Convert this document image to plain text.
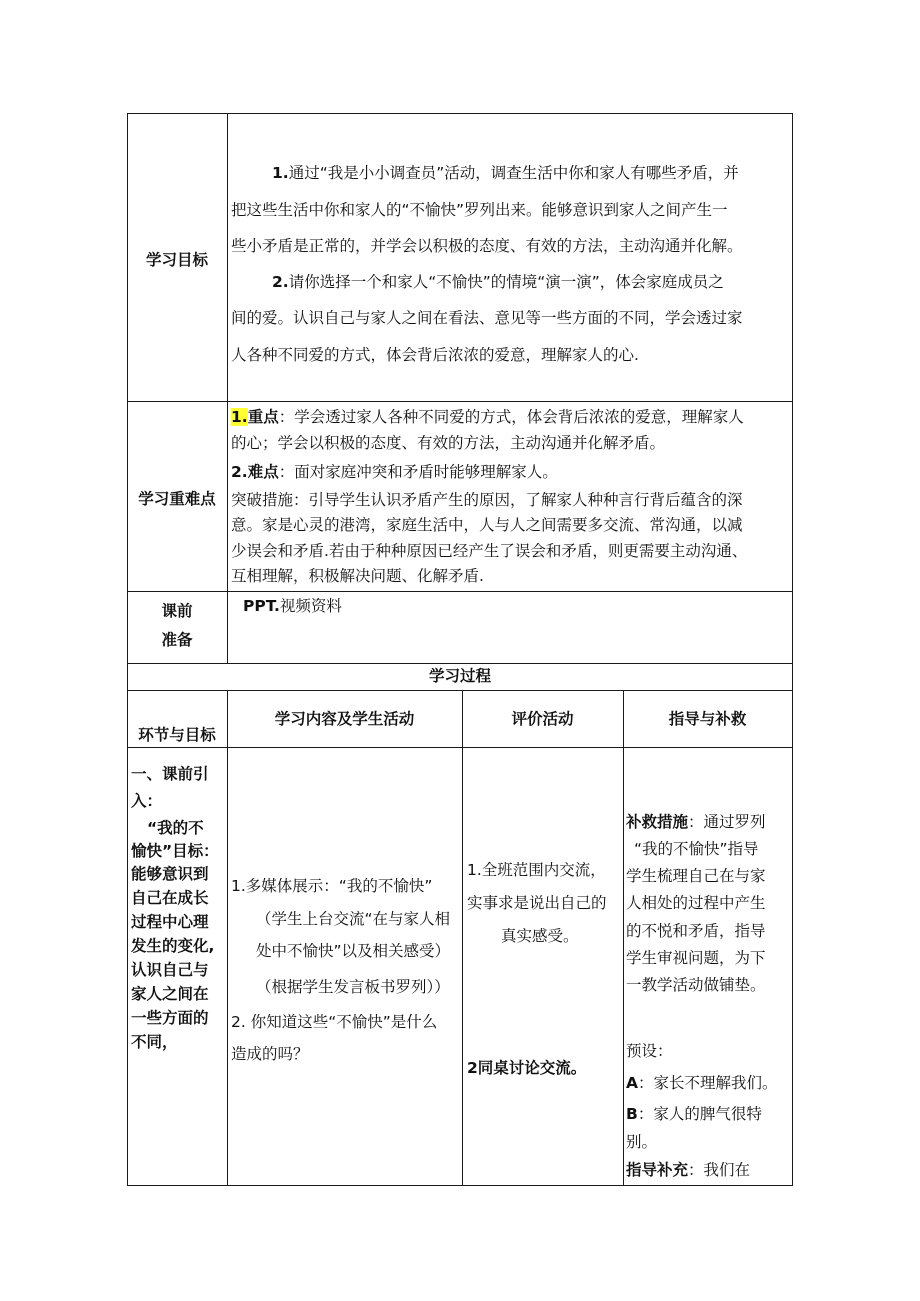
学习目标
1.通过“我是小小调查员”活动，调查生活中你和家人有哪些矛盾，并
把这些生活中你和家人的“不愉快”罗列出来。能够意识到家人之间产生一
些小矛盾是正常的，并学会以积极的态度、有效的方法，主动沟通并化解。
2.请你选择一个和家人“不愉快”的情境“演一演”，体会家庭成员之
间的爱。认识自己与家人之间在看法、意见等一些方面的不同，学会透过家
人各种不同爱的方式，体会背后浓浓的爱意，理解家人的心.
学习重难点
1.重点：学会透过家人各种不同爱的方式，体会背后浓浓的爱意，理解家人
的心；学会以积极的态度、有效的方法，主动沟通并化解矛盾。
2.难点：面对家庭冲突和矛盾时能够理解家人。
突破措施：引导学生认识矛盾产生的原因，了解家人种种言行背后蕴含的深
意。家是心灵的港湾，家庭生活中，人与人之间需要多交流、常沟通，以减
少误会和矛盾.若由于种种原因已经产生了误会和矛盾，则更需要主动沟通、
互相理解，积极解决问题、化解矛盾.
课前
准备
PPT.视频资料
学习过程
环节与目标
学习内容及学生活动	评价活动	指导与补救
一、课前引
入：
“我的不
愉快”目标：
能够意识到
自己在成长
过程中心理
发生的变化,
认识自己与
家人之间在
一些方面的
不同，
1.多媒体展示：“我的不愉快”
（学生上台交流“在与家人相
处中不愉快”以及相关感受）
（根据学生发言板书罗列））
2. 你知道这些“不愉快”是什么
造成的吗？
1.全班范围内交流，
实事求是说出自己的
真实感受。
2同桌讨论交流。
补救措施：通过罗列
“我的不愉快”指导
学生梳理自己在与家
人相处的过程中产生
的不悦和矛盾，指导
学生审视问题，为下
一教学活动做铺垫。
预设：
A：家长不理解我们。
B：家人的脾气很特
别。
指导补充：我们在
